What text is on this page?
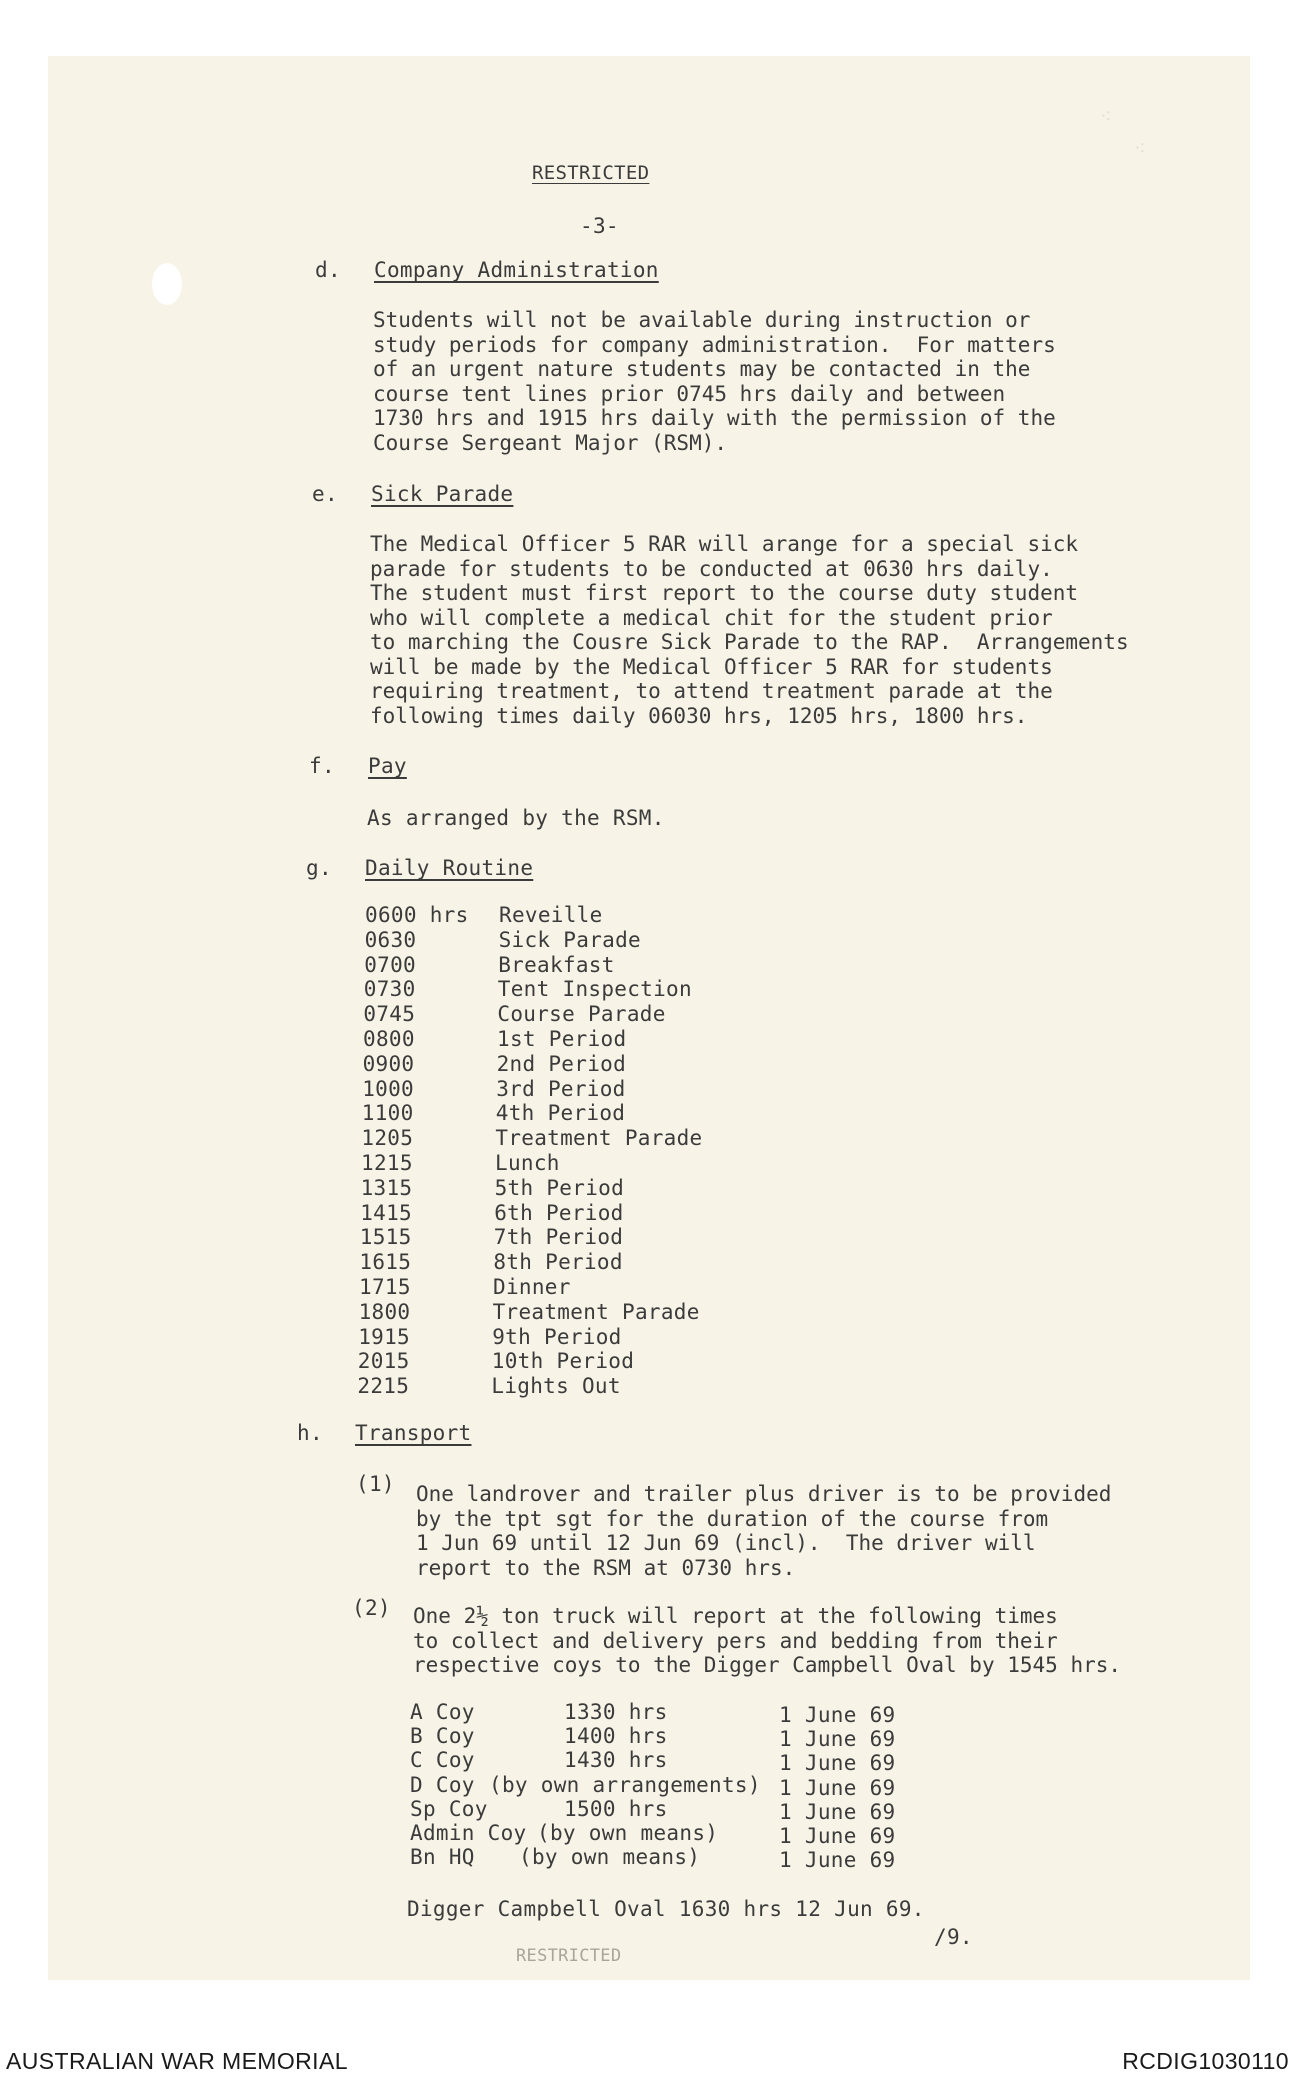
⁖
⁖
RESTRICTED
-3-
d. Company Administration
Students will not be available during instruction or
study periods for company administration.  For matters
of an urgent nature students may be contacted in the
course tent lines prior 0745 hrs daily and between
1730 hrs and 1915 hrs daily with the permission of the
Course Sergeant Major (RSM).
e. Sick Parade
The Medical Officer 5 RAR will arange for a special sick
parade for students to be conducted at 0630 hrs daily.
The student must first report to the course duty student
who will complete a medical chit for the student prior
to marching the Cousre Sick Parade to the RAP.  Arrangements
will be made by the Medical Officer 5 RAR for students
requiring treatment, to attend treatment parade at the
following times daily 06030 hrs, 1205 hrs, 1800 hrs.
f. Pay
As arranged by the RSM.
g. Daily Routine
0600 hrs Reveille
0630	Sick Parade
0700	Breakfast
0730	Tent Inspection
0745	Course Parade
0800	1st Period
0900	2nd Period
1000	3rd Period
1100	4th Period
1205	Treatment Parade
1215	Lunch
1315	5th Period
1415	6th Period
1515	7th Period
1615	8th Period
1715	Dinner
1800	Treatment Parade
1915	9th Period
2015	10th Period
2215	Lights Out
h. Transport
(1) One landrover and trailer plus driver is to be provided
by the tpt sgt for the duration of the course from
1 Jun 69 until 12 Jun 69 (incl).  The driver will
report to the RSM at 0730 hrs.
(2) One 2½ ton truck will report at the following times
to collect and delivery pers and bedding from their
respective coys to the Digger Campbell Oval by 1545 hrs.
A Coy	1330 hrs	1 June 69
B Coy	1400 hrs	1 June 69
C Coy	1430 hrs	1 June 69
D Coy (by own arrangements) 1 June 69
Sp Coy	1500 hrs	1 June 69
Admin Coy (by own means)	1 June 69
Bn HQ (by own means)	1 June 69
Digger Campbell Oval 1630 hrs 12 Jun 69.
/9.
RESTRICTED
AUSTRALIAN WAR MEMORIAL	RCDIG1030110
